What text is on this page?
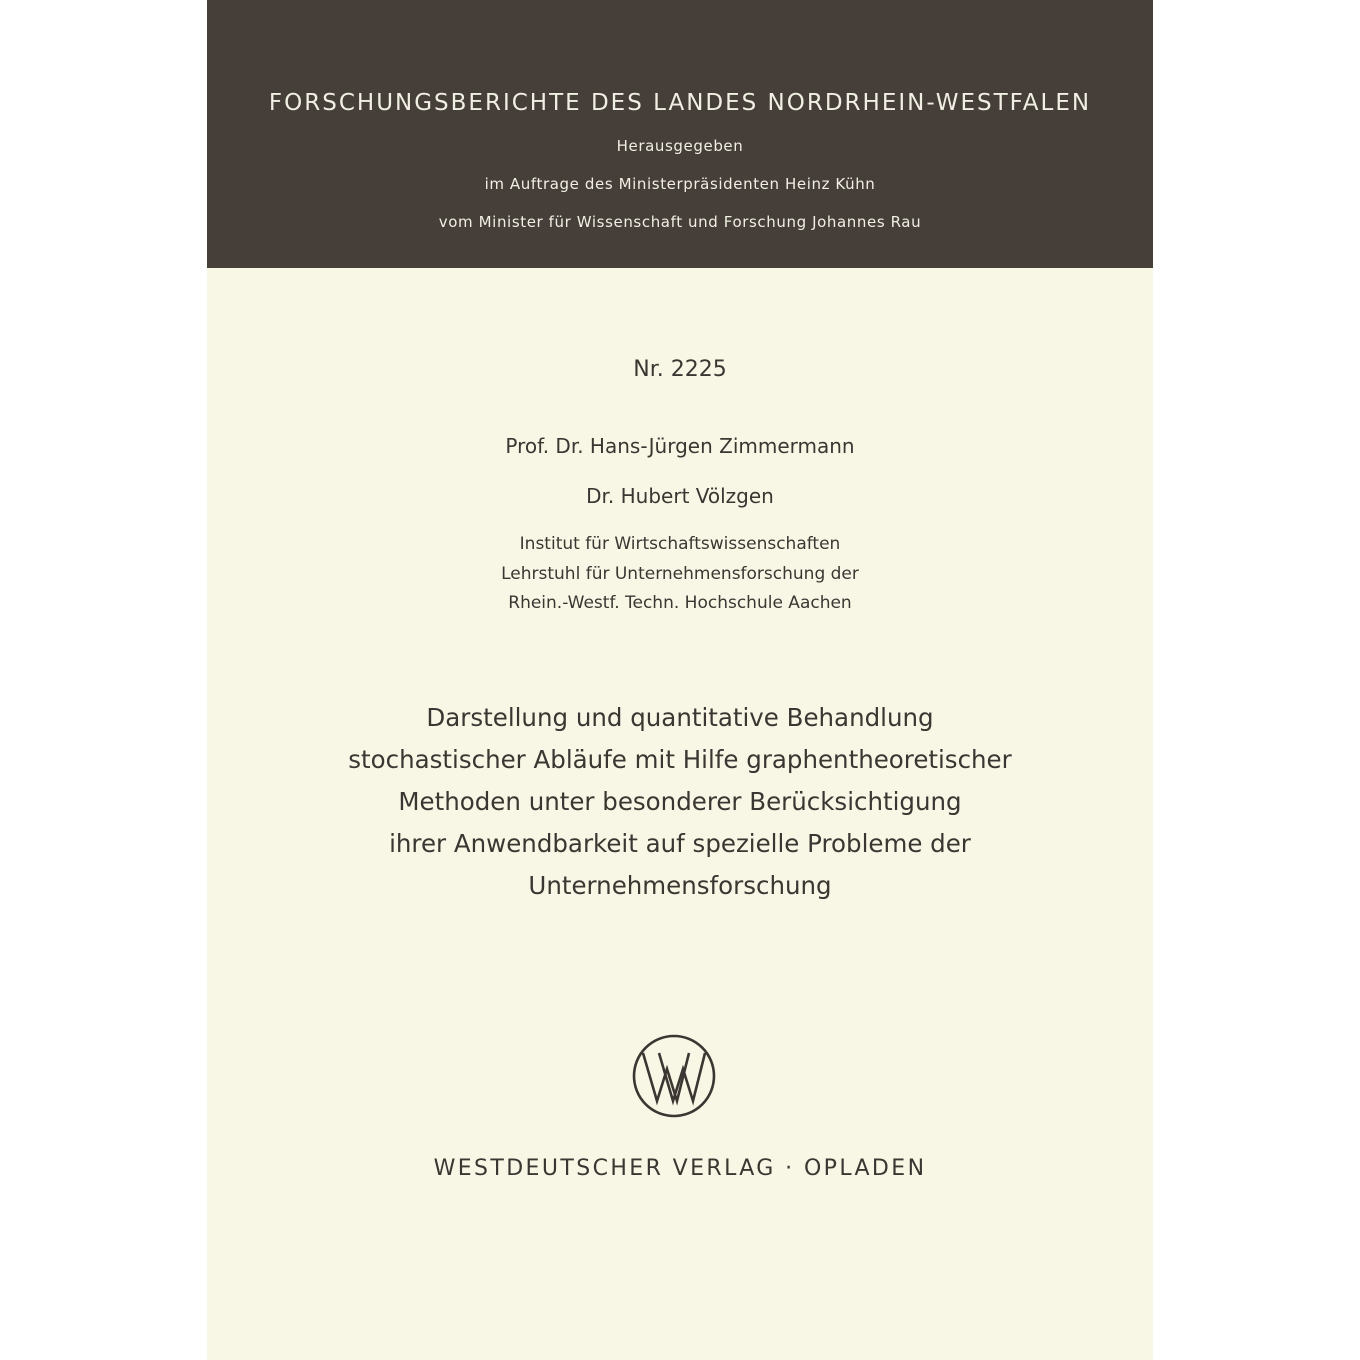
FORSCHUNGSBERICHTE DES LANDES NORDRHEIN-WESTFALEN
Herausgegeben
im Auftrage des Ministerpräsidenten Heinz Kühn
vom Minister für Wissenschaft und Forschung Johannes Rau
Nr. 2225
Prof. Dr. Hans-Jürgen Zimmermann
Dr. Hubert Völzgen
Institut für Wirtschaftswissenschaften
Lehrstuhl für Unternehmensforschung der
Rhein.-Westf. Techn. Hochschule Aachen
Darstellung und quantitative Behandlung
stochastischer Abläufe mit Hilfe graphentheoretischer
Methoden unter besonderer Berücksichtigung
ihrer Anwendbarkeit auf spezielle Probleme der
Unternehmensforschung
WESTDEUTSCHER VERLAG · OPLADEN
